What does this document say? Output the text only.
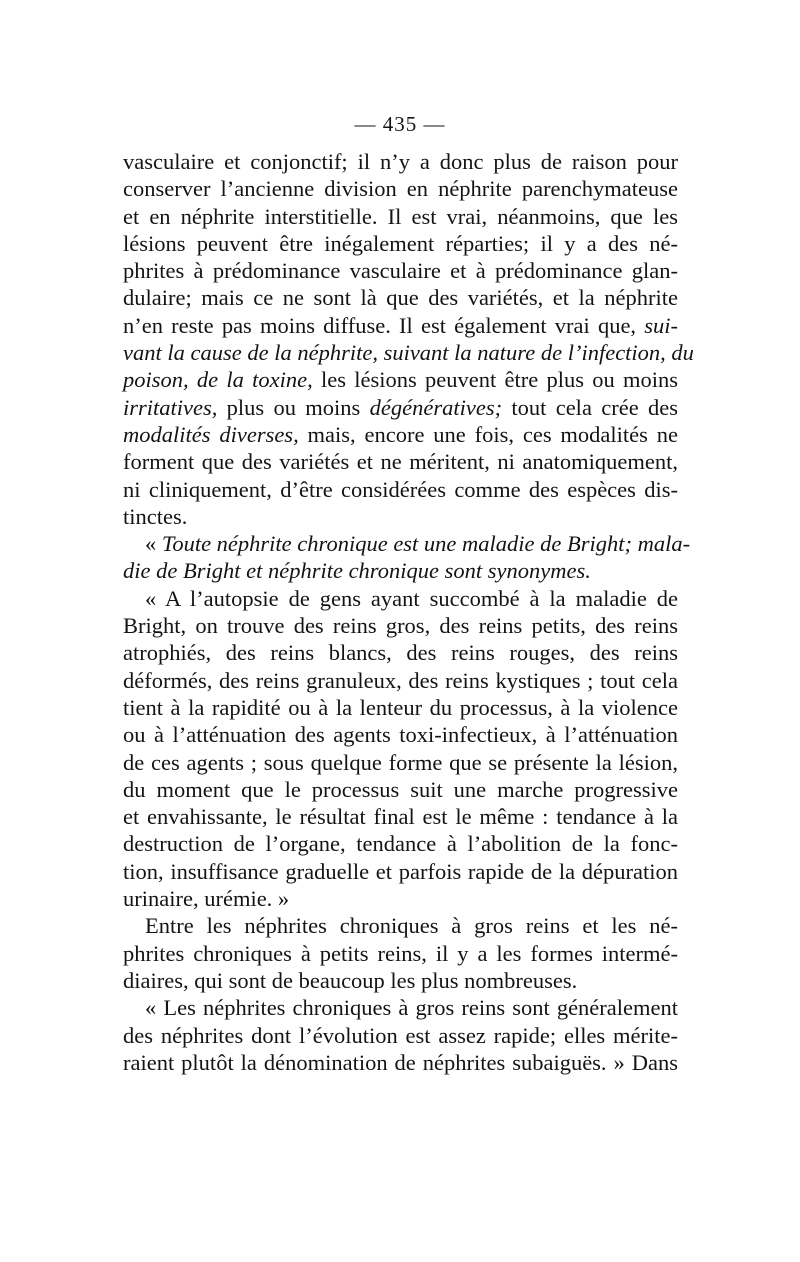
— 435 —
vasculaire et conjonctif; il n’y a donc plus de raison pour
conserver l’ancienne division en néphrite parenchymateuse
et en néphrite interstitielle. Il est vrai, néanmoins, que les
lésions peuvent être inégalement réparties; il y a des né-
phrites à prédominance vasculaire et à prédominance glan-
dulaire; mais ce ne sont là que des variétés, et la néphrite
n’en reste pas moins diffuse. Il est également vrai que, sui-
vant la cause de la néphrite, suivant la nature de l’infection, du
poison, de la toxine, les lésions peuvent être plus ou moins
irritatives, plus ou moins dégénératives; tout cela crée des
modalités diverses, mais, encore une fois, ces modalités ne
forment que des variétés et ne méritent, ni anatomiquement,
ni cliniquement, d’être considérées comme des espèces dis-
tinctes.
« Toute néphrite chronique est une maladie de Bright; mala-
die de Bright et néphrite chronique sont synonymes.
« A l’autopsie de gens ayant succombé à la maladie de
Bright, on trouve des reins gros, des reins petits, des reins
atrophiés, des reins blancs, des reins rouges, des reins
déformés, des reins granuleux, des reins kystiques ; tout cela
tient à la rapidité ou à la lenteur du processus, à la violence
ou à l’atténuation des agents toxi-infectieux, à l’atténuation
de ces agents ; sous quelque forme que se présente la lésion,
du moment que le processus suit une marche progressive
et envahissante, le résultat final est le même : tendance à la
destruction de l’organe, tendance à l’abolition de la fonc-
tion, insuffisance graduelle et parfois rapide de la dépuration
urinaire, urémie. »
Entre les néphrites chroniques à gros reins et les né-
phrites chroniques à petits reins, il y a les formes intermé-
diaires, qui sont de beaucoup les plus nombreuses.
« Les néphrites chroniques à gros reins sont généralement
des néphrites dont l’évolution est assez rapide; elles mérite-
raient plutôt la dénomination de néphrites subaiguës. » Dans
